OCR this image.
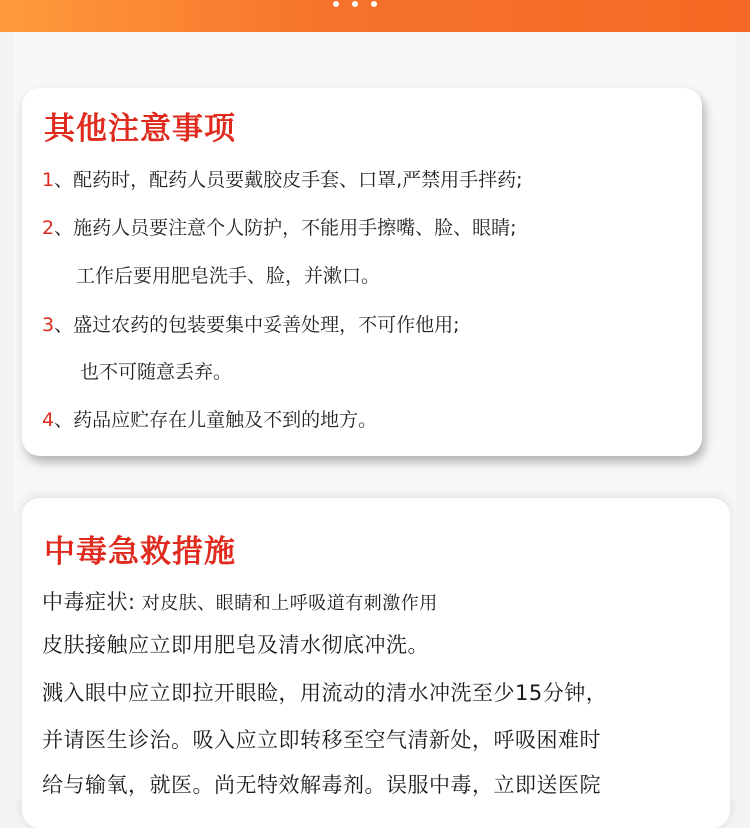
其他注意事项
1、配药时，配药人员要戴胶皮手套、口罩,严禁用手拌药;
2、施药人员要注意个人防护，不能用手擦嘴、脸、眼睛;
工作后要用肥皂洗手、脸，并漱口。
3、盛过农药的包装要集中妥善处理，不可作他用;
也不可随意丢弃。
4、药品应贮存在儿童触及不到的地方。
中毒急救措施
中毒症状: 对皮肤、眼睛和上呼吸道有刺激作用
皮肤接触应立即用肥皂及清水彻底冲洗。
溅入眼中应立即拉开眼睑，用流动的清水冲洗至少15分钟，
并请医生诊治。吸入应立即转移至空气清新处，呼吸困难时
给与输氧，就医。尚无特效解毒剂。误服中毒，立即送医院
